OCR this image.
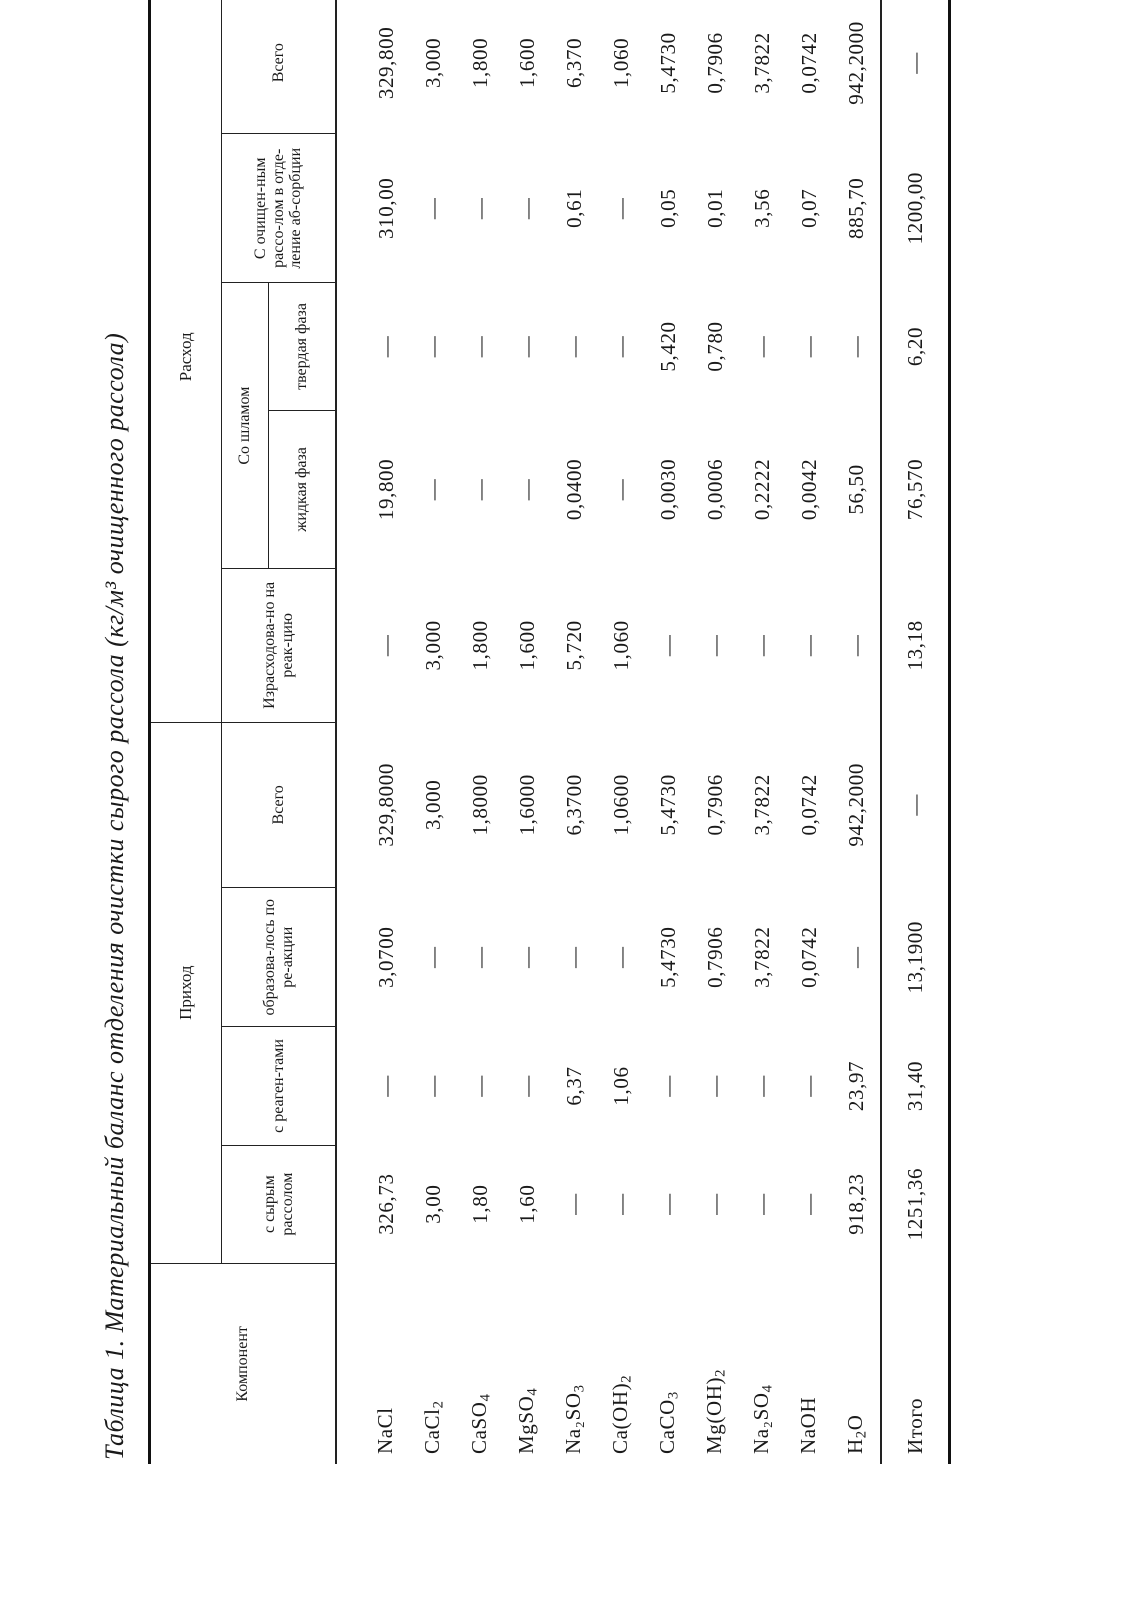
Таблица 1. Материальный баланс отделения очистки сырого рассола (кг/м³ очищенного рассола)
Компонент	Приход				Расход				
	с сырым рассолом	с реаген-тами	образова-лось по ре-акции	Всего	Израсходова-но на реак-цию	Со шламом		С очищен-ным рассо-лом в отде-ление аб-сорбции	Всего
						жидкая фаза	твердая фаза		
NaCl	326,73	—	3,0700	329,8000	—	19,800	—	310,00	329,800
CaCl$_2$	3,00	—	—	3,000	3,000	—	—	—	3,000
CaSO$_4$	1,80	—	—	1,8000	1,800	—	—	—	1,800
MgSO$_4$	1,60	—	—	1,6000	1,600	—	—	—	1,600
$Na_2SO_3$	—	6,37	—	6,3700	5,720	0,0400	—	0,61	6,370
$Ca(OH)_2$	—	1,06	—	1,0600	1,060	—	—	—	1,060
CaCO$_3$	—	—	5,4730	5,4730	—	0,0030	5,420	0,05	5,4730
$Mg(OH)_2$	—	—	0,7906	0,7906	—	0,0006	0,780	0,01	0,7906
$Na_2SO_4$	—	—	3,7822	3,7822	—	0,2222	—	3,56	3,7822
NaOH	—	—	0,0742	0,0742	—	0,0042	—	0,07	0,0742
$H_2O$	918,23	23,97	—	942,2000	—	56,50	—	885,70	942,2000
Итого	1251,36	31,40	13,1900	—	13,18	76,570	6,20	1200,00	—
